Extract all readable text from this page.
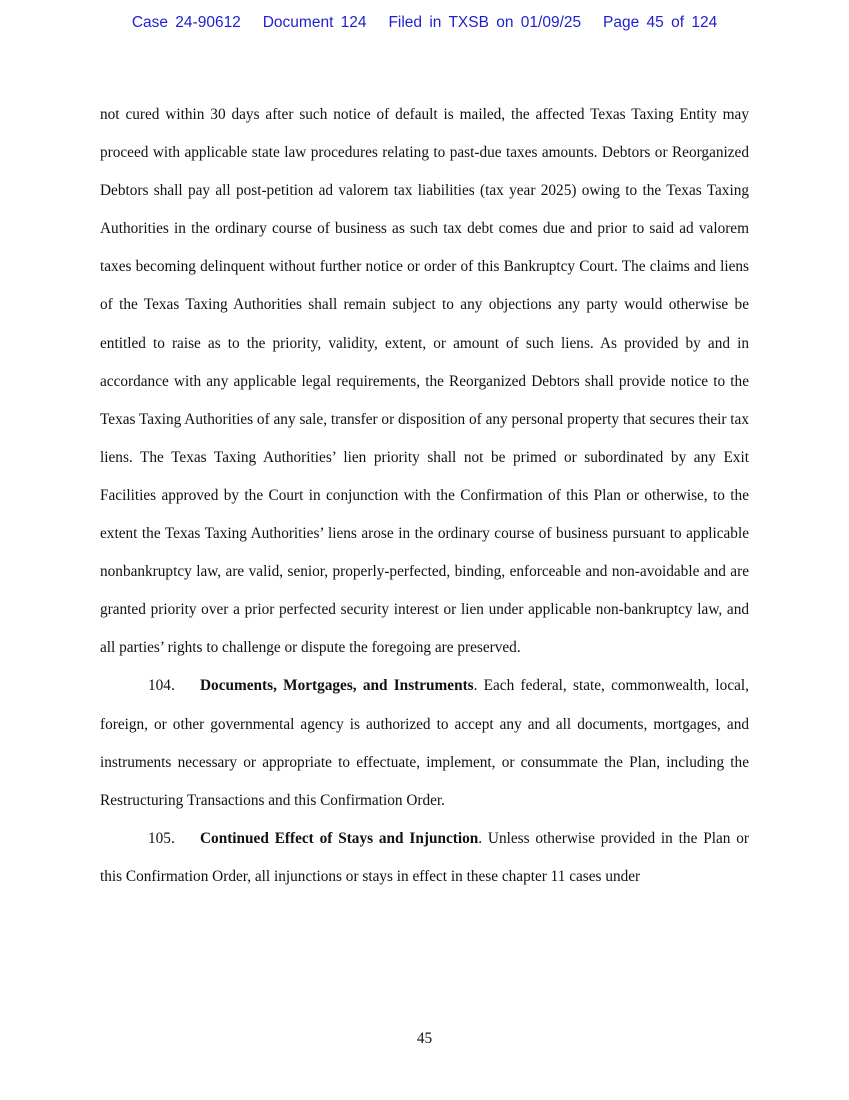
Case 24-90612   Document 124   Filed in TXSB on 01/09/25   Page 45 of 124

not cured within 30 days after such notice of default is mailed, the affected Texas Taxing Entity may proceed with applicable state law procedures relating to past-due taxes amounts. Debtors or Reorganized Debtors shall pay all post-petition ad valorem tax liabilities (tax year 2025) owing to the Texas Taxing Authorities in the ordinary course of business as such tax debt comes due and prior to said ad valorem taxes becoming delinquent without further notice or order of this Bankruptcy Court. The claims and liens of the Texas Taxing Authorities shall remain subject to any objections any party would otherwise be entitled to raise as to the priority, validity, extent, or amount of such liens. As provided by and in accordance with any applicable legal requirements, the Reorganized Debtors shall provide notice to the Texas Taxing Authorities of any sale, transfer or disposition of any personal property that secures their tax liens. The Texas Taxing Authorities’ lien priority shall not be primed or subordinated by any Exit Facilities approved by the Court in conjunction with the Confirmation of this Plan or otherwise, to the extent the Texas Taxing Authorities’ liens arose in the ordinary course of business pursuant to applicable nonbankruptcy law, are valid, senior, properly-perfected, binding, enforceable and non-avoidable and are granted priority over a prior perfected security interest or lien under applicable non-bankruptcy law, and all parties’ rights to challenge or dispute the foregoing are preserved.

104. Documents, Mortgages, and Instruments. Each federal, state, commonwealth, local, foreign, or other governmental agency is authorized to accept any and all documents, mortgages, and instruments necessary or appropriate to effectuate, implement, or consummate the Plan, including the Restructuring Transactions and this Confirmation Order.

105. Continued Effect of Stays and Injunction. Unless otherwise provided in the Plan or this Confirmation Order, all injunctions or stays in effect in these chapter 11 cases under

45
